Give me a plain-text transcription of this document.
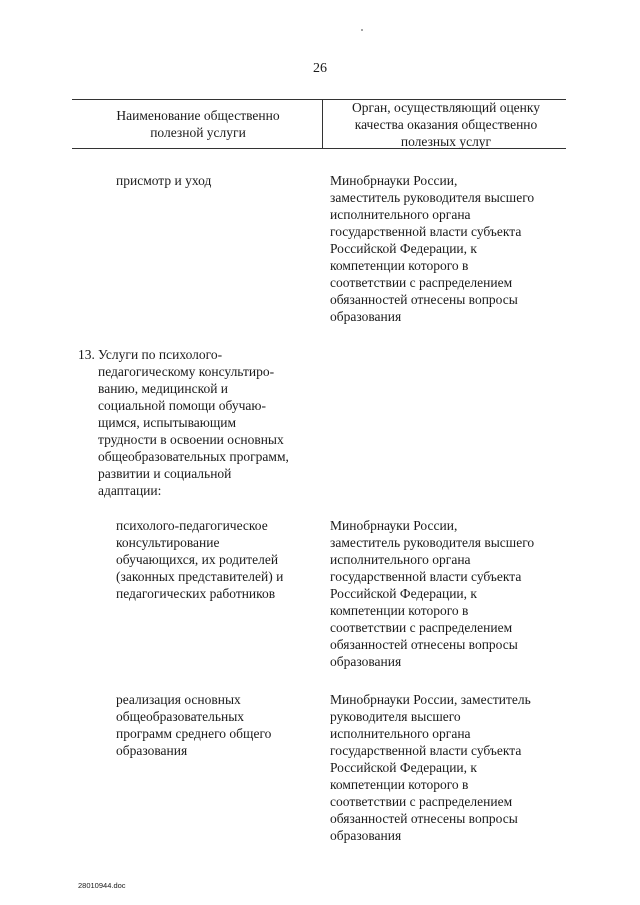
26
Наименование общественно
полезной услуги
Орган, осуществляющий оценку
качества оказания общественно
полезных услуг
присмотр и уход	Минобрнауки России,
заместитель руководителя высшего
исполнительного органа
государственной власти субъекта
Российской Федерации, к
компетенции которого в
соответствии с распределением
обязанностей отнесены вопросы
образования
13. Услуги по психолого-
педагогическому консультиро-
ванию, медицинской и
социальной помощи обучаю-
щимся, испытывающим
трудности в освоении основных
общеобразовательных программ,
развитии и социальной
адаптации:
психолого-педагогическое
консультирование
обучающихся, их родителей
(законных представителей) и
педагогических работников
Минобрнауки России,
заместитель руководителя высшего
исполнительного органа
государственной власти субъекта
Российской Федерации, к
компетенции которого в
соответствии с распределением
обязанностей отнесены вопросы
образования
реализация основных
общеобразовательных
программ среднего общего
образования
Минобрнауки России, заместитель
руководителя высшего
исполнительного органа
государственной власти субъекта
Российской Федерации, к
компетенции которого в
соответствии с распределением
обязанностей отнесены вопросы
образования
28010944.doc
